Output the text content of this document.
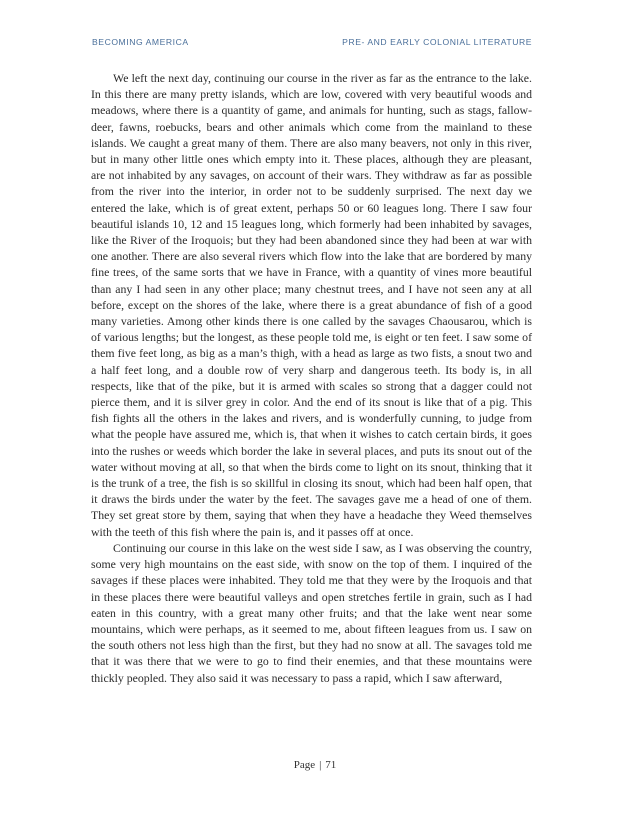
BECOMING AMERICA	PRE- AND EARLY COLONIAL LITERATURE

We left the next day, continuing our course in the river as far as the entrance to the lake. In this there are many pretty islands, which are low, covered with very beautiful woods and meadows, where there is a quantity of game, and animals for hunting, such as stags, fallow-deer, fawns, roebucks, bears and other animals which come from the mainland to these islands. We caught a great many of them. There are also many beavers, not only in this river, but in many other little ones which empty into it. These places, although they are pleasant, are not inhabited by any savages, on account of their wars. They withdraw as far as possible from the river into the interior, in order not to be suddenly surprised. The next day we entered the lake, which is of great extent, perhaps 50 or 60 leagues long. There I saw four beautiful islands 10, 12 and 15 leagues long, which formerly had been inhabited by savages, like the River of the Iroquois; but they had been abandoned since they had been at war with one another. There are also several rivers which flow into the lake that are bordered by many fine trees, of the same sorts that we have in France, with a quantity of vines more beautiful than any I had seen in any other place; many chestnut trees, and I have not seen any at all before, except on the shores of the lake, where there is a great abundance of fish of a good many varieties. Among other kinds there is one called by the savages Chaousarou, which is of various lengths; but the longest, as these people told me, is eight or ten feet. I saw some of them five feet long, as big as a man’s thigh, with a head as large as two fists, a snout two and a half feet long, and a double row of very sharp and dangerous teeth. Its body is, in all respects, like that of the pike, but it is armed with scales so strong that a dagger could not pierce them, and it is silver grey in color. And the end of its snout is like that of a pig. This fish fights all the others in the lakes and rivers, and is wonderfully cunning, to judge from what the people have assured me, which is, that when it wishes to catch certain birds, it goes into the rushes or weeds which border the lake in several places, and puts its snout out of the water without moving at all, so that when the birds come to light on its snout, thinking that it is the trunk of a tree, the fish is so skillful in closing its snout, which had been half open, that it draws the birds under the water by the feet. The savages gave me a head of one of them. They set great store by them, saying that when they have a headache they Weed themselves with the teeth of this fish where the pain is, and it passes off at once.

Continuing our course in this lake on the west side I saw, as I was observing the country, some very high mountains on the east side, with snow on the top of them. I inquired of the savages if these places were inhabited. They told me that they were by the Iroquois and that in these places there were beautiful valleys and open stretches fertile in grain, such as I had eaten in this country, with a great many other fruits; and that the lake went near some mountains, which were perhaps, as it seemed to me, about fifteen leagues from us. I saw on the south others not less high than the first, but they had no snow at all. The savages told me that it was there that we were to go to find their enemies, and that these mountains were thickly peopled. They also said it was necessary to pass a rapid, which I saw afterward,

Page | 71
